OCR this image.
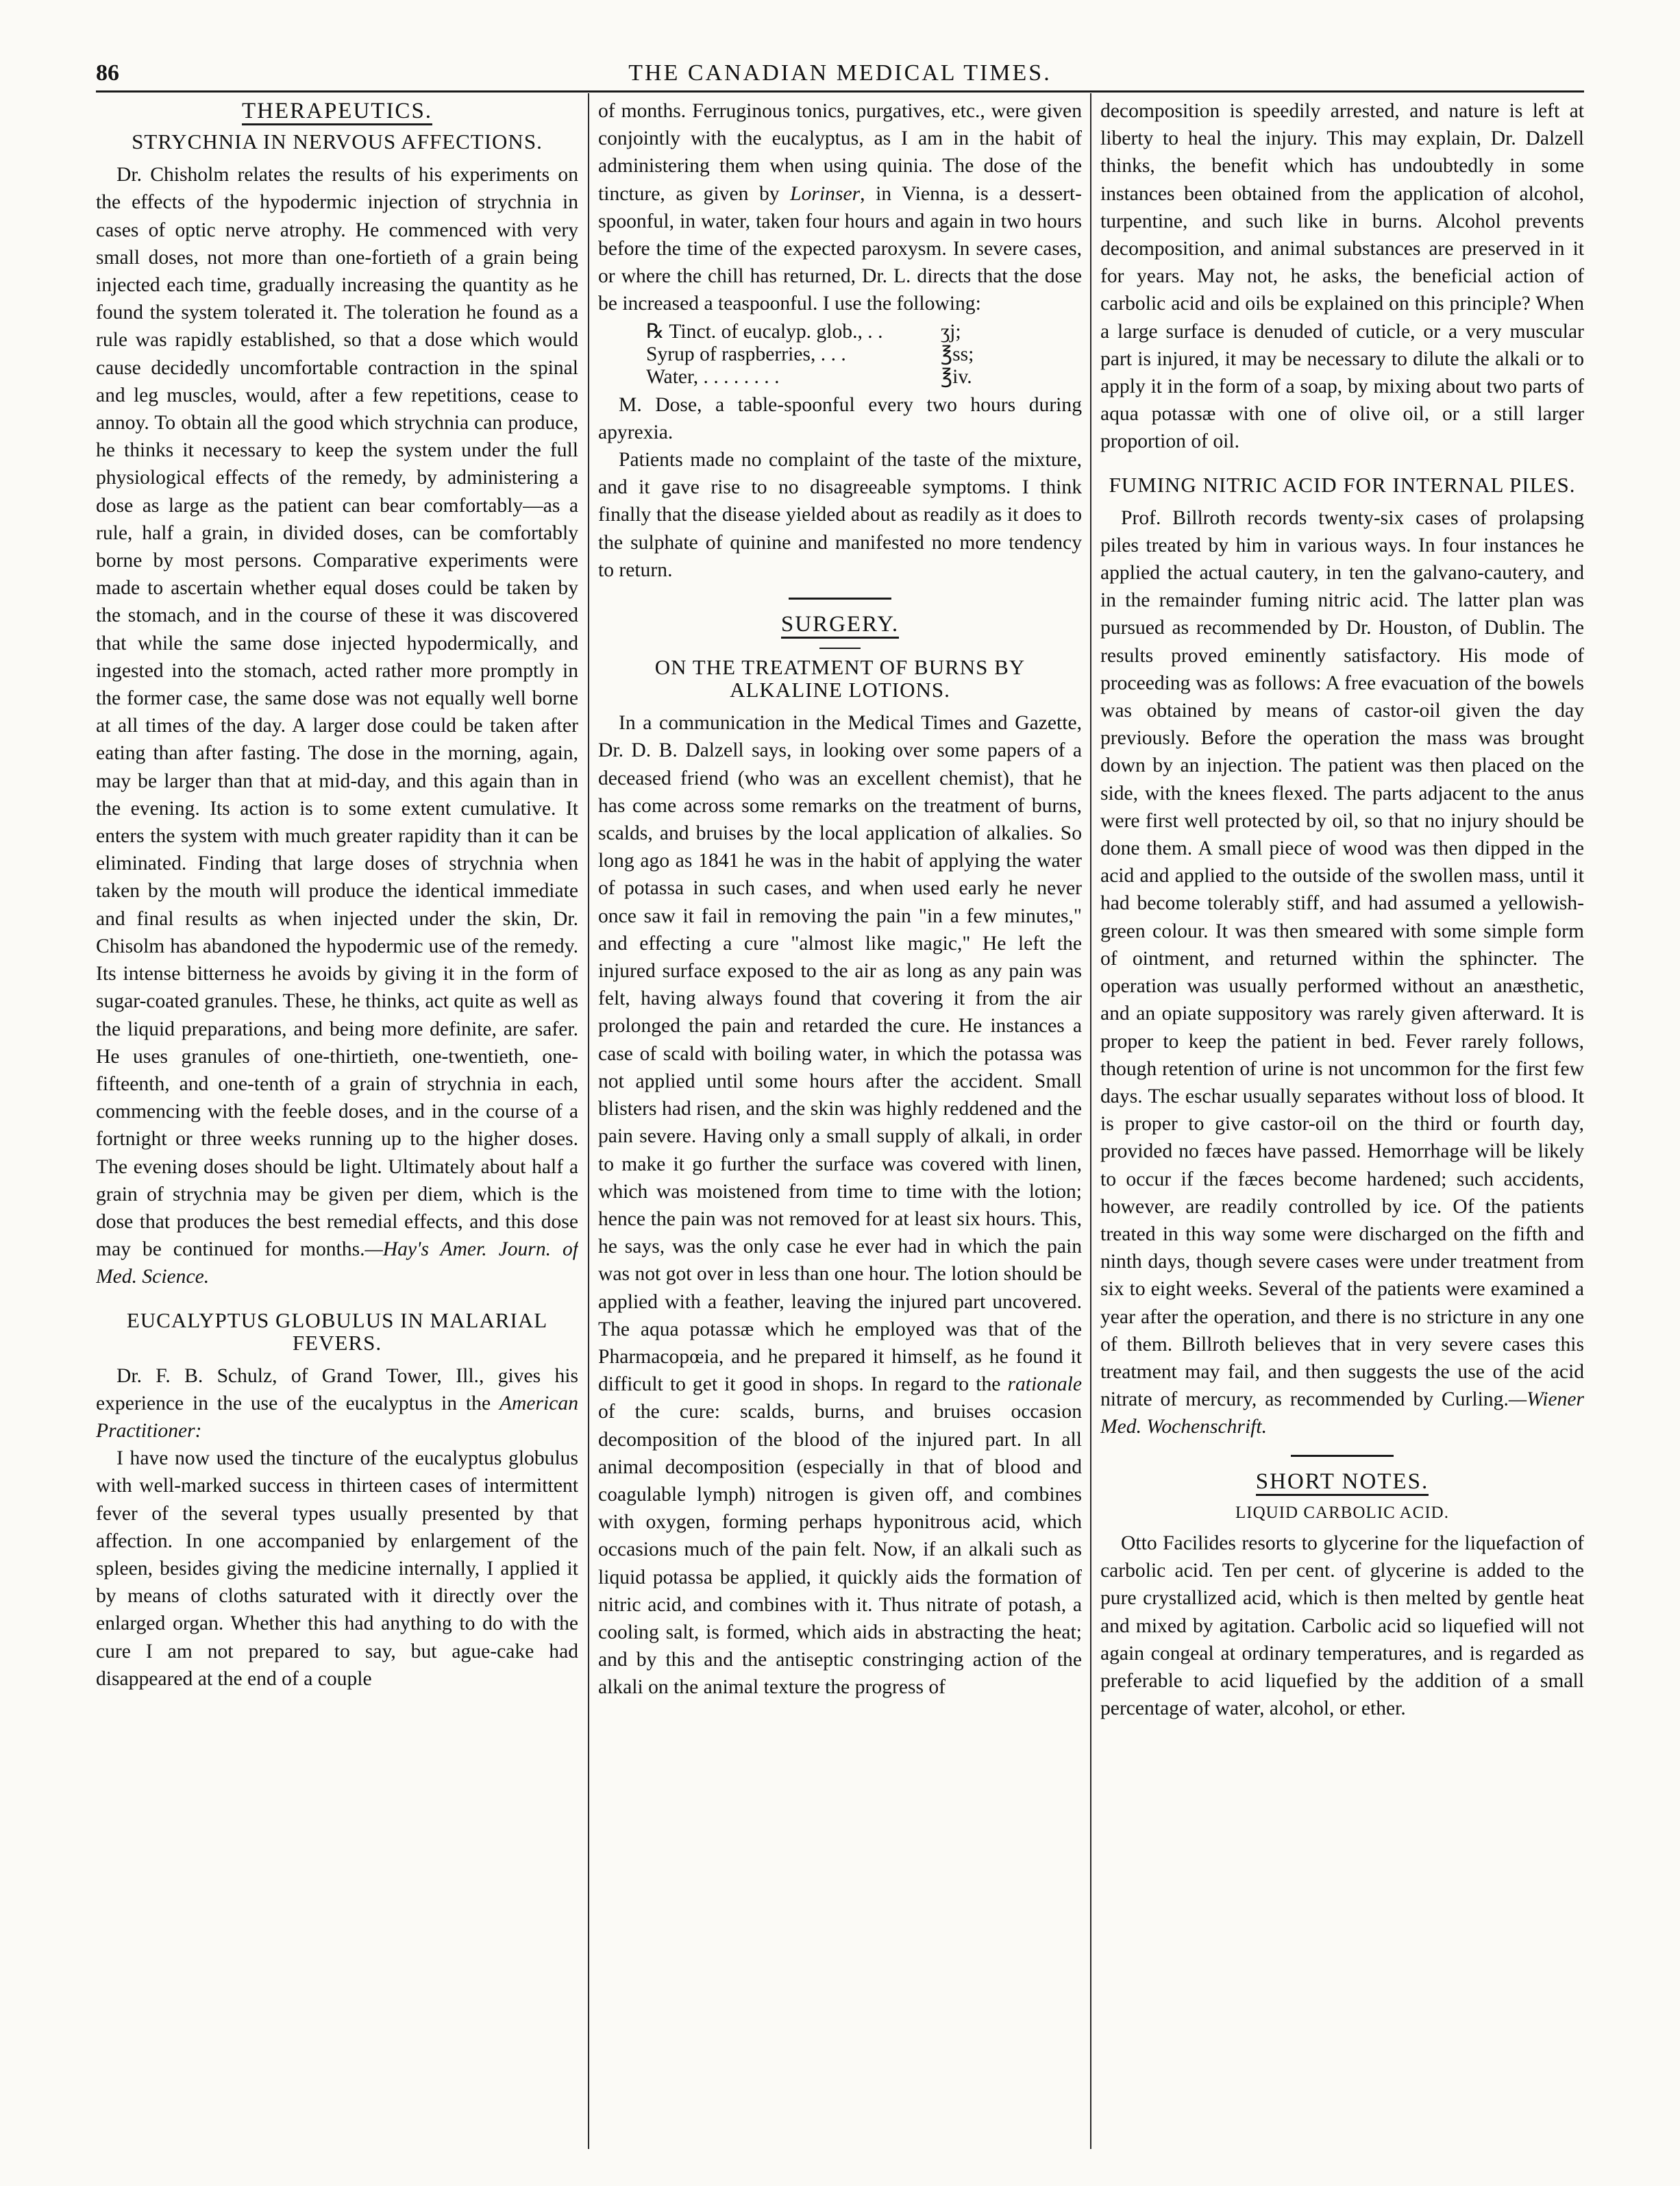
86	THE CANADIAN MEDICAL TIMES.
THERAPEUTICS.
STRYCHNIA IN NERVOUS AFFECTIONS.

Dr. Chisholm relates the results of his experiments on the effects of the hypodermic injection of strychnia in cases of optic nerve atrophy. He commenced with very small doses, not more than one-fortieth of a grain being injected each time, gradually increasing the quantity as he found the system tolerated it. The toleration he found as a rule was rapidly established, so that a dose which would cause decidedly uncomfortable contraction in the spinal and leg muscles, would, after a few repetitions, cease to annoy. To obtain all the good which strychnia can produce, he thinks it necessary to keep the system under the full physiological effects of the remedy, by administering a dose as large as the patient can bear comfortably—as a rule, half a grain, in divided doses, can be comfortably borne by most persons. Comparative experiments were made to ascertain whether equal doses could be taken by the stomach, and in the course of these it was discovered that while the same dose injected hypodermically, and ingested into the stomach, acted rather more promptly in the former case, the same dose was not equally well borne at all times of the day. A larger dose could be taken after eating than after fasting. The dose in the morning, again, may be larger than that at mid-day, and this again than in the evening. Its action is to some extent cumulative. It enters the system with much greater rapidity than it can be eliminated. Finding that large doses of strychnia when taken by the mouth will produce the identical immediate and final results as when injected under the skin, Dr. Chisolm has abandoned the hypodermic use of the remedy. Its intense bitterness he avoids by giving it in the form of sugar-coated granules. These, he thinks, act quite as well as the liquid preparations, and being more definite, are safer. He uses granules of one-thirtieth, one-twentieth, one-fifteenth, and one-tenth of a grain of strychnia in each, commencing with the feeble doses, and in the course of a fortnight or three weeks running up to the higher doses. The evening doses should be light. Ultimately about half a grain of strychnia may be given per diem, which is the dose that produces the best remedial effects, and this dose may be continued for months.—Hay's Amer. Journ. of Med. Science.

EUCALYPTUS GLOBULUS IN MALARIAL FEVERS.

Dr. F. B. Schulz, of Grand Tower, Ill., gives his experience in the use of the eucalyptus in the American Practitioner:

I have now used the tincture of the eucalyptus globulus with well-marked success in thirteen cases of intermittent fever of the several types usually presented by that affection. In one accompanied by enlargement of the spleen, besides giving the medicine internally, I applied it by means of cloths saturated with it directly over the enlarged organ. Whether this had anything to do with the cure I am not prepared to say, but ague-cake had disappeared at the end of a couple

of months. Ferruginous tonics, purgatives, etc., were given conjointly with the eucalyptus, as I am in the habit of administering them when using quinia. The dose of the tincture, as given by Lorinser, in Vienna, is a dessert-spoonful, in water, taken four hours and again in two hours before the time of the expected paroxysm. In severe cases, or where the chill has returned, Dr. L. directs that the dose be increased a teaspoonful. I use the following:

℞ Tinct. of eucalyp. glob., . .	ʒj;
Syrup of raspberries, . . .	℥ss;
Water, . . . . . . . .	℥iv.

M. Dose, a table-spoonful every two hours during apyrexia.

Patients made no complaint of the taste of the mixture, and it gave rise to no disagreeable symptoms. I think finally that the disease yielded about as readily as it does to the sulphate of quinine and manifested no more tendency to return.

SURGERY.
ON THE TREATMENT OF BURNS BY ALKALINE LOTIONS.

In a communication in the Medical Times and Gazette, Dr. D. B. Dalzell says, in looking over some papers of a deceased friend (who was an excellent chemist), that he has come across some remarks on the treatment of burns, scalds, and bruises by the local application of alkalies. So long ago as 1841 he was in the habit of applying the water of potassa in such cases, and when used early he never once saw it fail in removing the pain "in a few minutes," and effecting a cure "almost like magic," He left the injured surface exposed to the air as long as any pain was felt, having always found that covering it from the air prolonged the pain and retarded the cure. He instances a case of scald with boiling water, in which the potassa was not applied until some hours after the accident. Small blisters had risen, and the skin was highly reddened and the pain severe. Having only a small supply of alkali, in order to make it go further the surface was covered with linen, which was moistened from time to time with the lotion; hence the pain was not removed for at least six hours. This, he says, was the only case he ever had in which the pain was not got over in less than one hour. The lotion should be applied with a feather, leaving the injured part uncovered. The aqua potassæ which he employed was that of the Pharmacopœia, and he prepared it himself, as he found it difficult to get it good in shops. In regard to the rationale of the cure: scalds, burns, and bruises occasion decomposition of the blood of the injured part. In all animal decomposition (especially in that of blood and coagulable lymph) nitrogen is given off, and combines with oxygen, forming perhaps hyponitrous acid, which occasions much of the pain felt. Now, if an alkali such as liquid potassa be applied, it quickly aids the formation of nitric acid, and combines with it. Thus nitrate of potash, a cooling salt, is formed, which aids in abstracting the heat; and by this and the antiseptic constringing action of the alkali on the animal texture the progress of

decomposition is speedily arrested, and nature is left at liberty to heal the injury. This may explain, Dr. Dalzell thinks, the benefit which has undoubtedly in some instances been obtained from the application of alcohol, turpentine, and such like in burns. Alcohol prevents decomposition, and animal substances are preserved in it for years. May not, he asks, the beneficial action of carbolic acid and oils be explained on this principle? When a large surface is denuded of cuticle, or a very muscular part is injured, it may be necessary to dilute the alkali or to apply it in the form of a soap, by mixing about two parts of aqua potassæ with one of olive oil, or a still larger proportion of oil.

FUMING NITRIC ACID FOR INTERNAL PILES.

Prof. Billroth records twenty-six cases of prolapsing piles treated by him in various ways. In four instances he applied the actual cautery, in ten the galvano-cautery, and in the remainder fuming nitric acid. The latter plan was pursued as recommended by Dr. Houston, of Dublin. The results proved eminently satisfactory. His mode of proceeding was as follows: A free evacuation of the bowels was obtained by means of castor-oil given the day previously. Before the operation the mass was brought down by an injection. The patient was then placed on the side, with the knees flexed. The parts adjacent to the anus were first well protected by oil, so that no injury should be done them. A small piece of wood was then dipped in the acid and applied to the outside of the swollen mass, until it had become tolerably stiff, and had assumed a yellowish-green colour. It was then smeared with some simple form of ointment, and returned within the sphincter. The operation was usually performed without an anæsthetic, and an opiate suppository was rarely given afterward. It is proper to keep the patient in bed. Fever rarely follows, though retention of urine is not uncommon for the first few days. The eschar usually separates without loss of blood. It is proper to give castor-oil on the third or fourth day, provided no fæces have passed. Hemorrhage will be likely to occur if the fæces become hardened; such accidents, however, are readily controlled by ice. Of the patients treated in this way some were discharged on the fifth and ninth days, though severe cases were under treatment from six to eight weeks. Several of the patients were examined a year after the operation, and there is no stricture in any one of them. Billroth believes that in very severe cases this treatment may fail, and then suggests the use of the acid nitrate of mercury, as recommended by Curling.—Wiener Med. Wochenschrift.

SHORT NOTES.
LIQUID CARBOLIC ACID.

Otto Facilides resorts to glycerine for the liquefaction of carbolic acid. Ten per cent. of glycerine is added to the pure crystallized acid, which is then melted by gentle heat and mixed by agitation. Carbolic acid so liquefied will not again congeal at ordinary temperatures, and is regarded as preferable to acid liquefied by the addition of a small percentage of water, alcohol, or ether.
